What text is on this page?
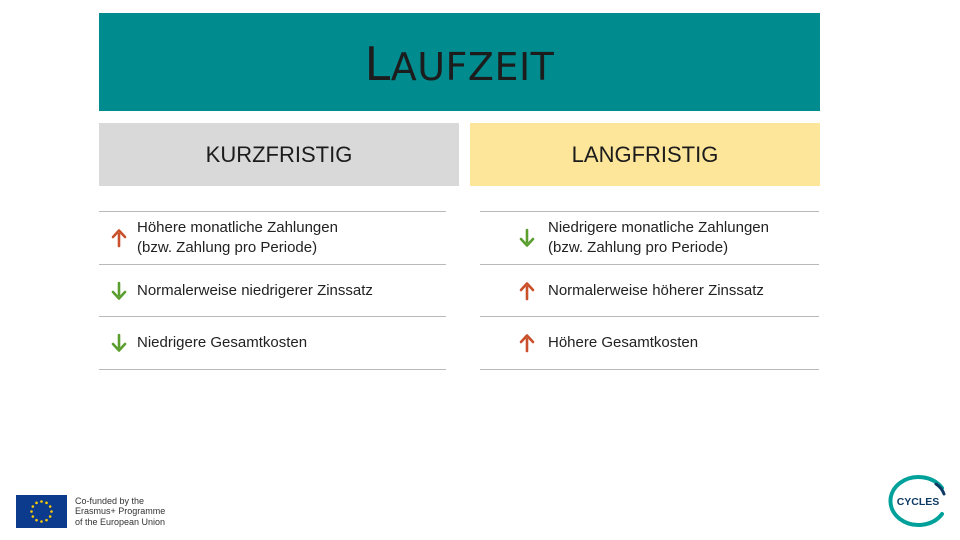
LAUFZEIT
KURZFRISTIG	LANGFRISTIG
Höhere monatliche Zahlungen (bzw. Zahlung pro Periode)
Normalerweise niedrigerer Zinssatz
Niedrigere Gesamtkosten
Niedrigere monatliche Zahlungen (bzw. Zahlung pro Periode)
Normalerweise höherer Zinssatz
Höhere Gesamtkosten
Co-funded by the
Erasmus+ Programme
of the European Union
CYCLES
